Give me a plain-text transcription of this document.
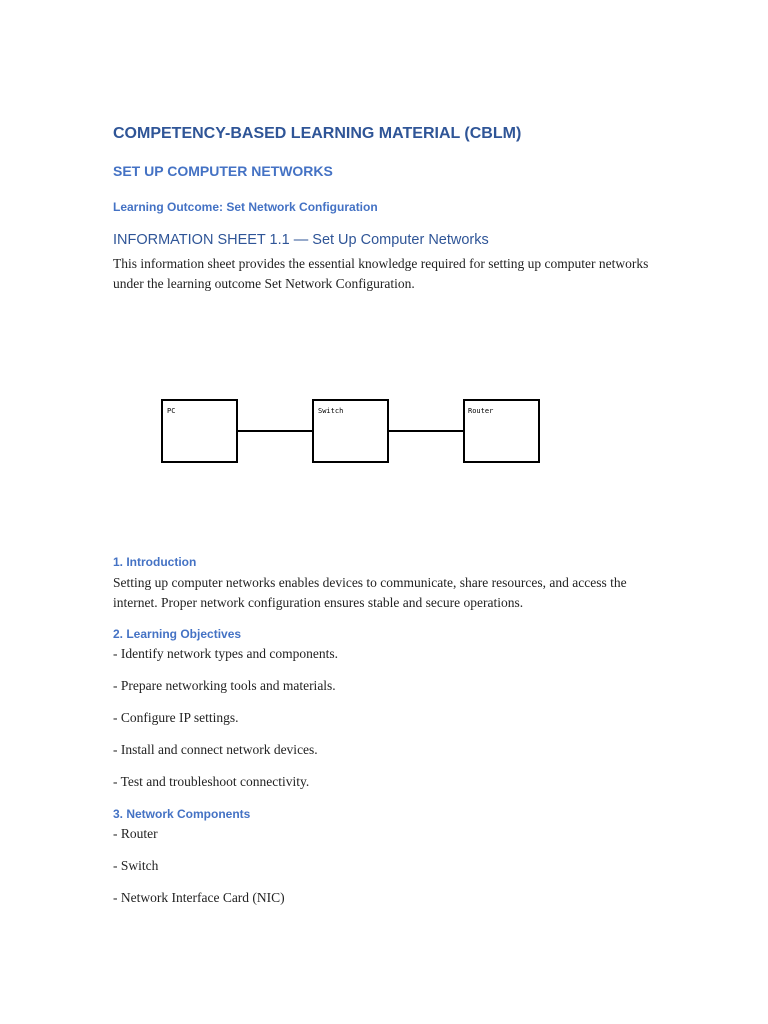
COMPETENCY-BASED LEARNING MATERIAL (CBLM)
SET UP COMPUTER NETWORKS
Learning Outcome: Set Network Configuration
INFORMATION SHEET 1.1 — Set Up Computer Networks

This information sheet provides the essential knowledge required for setting up computer networks under the learning outcome Set Network Configuration.

1. Introduction

Setting up computer networks enables devices to communicate, share resources, and access the internet. Proper network configuration ensures stable and secure operations.

2. Learning Objectives
- Identify network types and components.
- Prepare networking tools and materials.
- Configure IP settings.
- Install and connect network devices.
- Test and troubleshoot connectivity.
3. Network Components
- Router
- Switch
- Network Interface Card (NIC)
PC	Switch	Router
